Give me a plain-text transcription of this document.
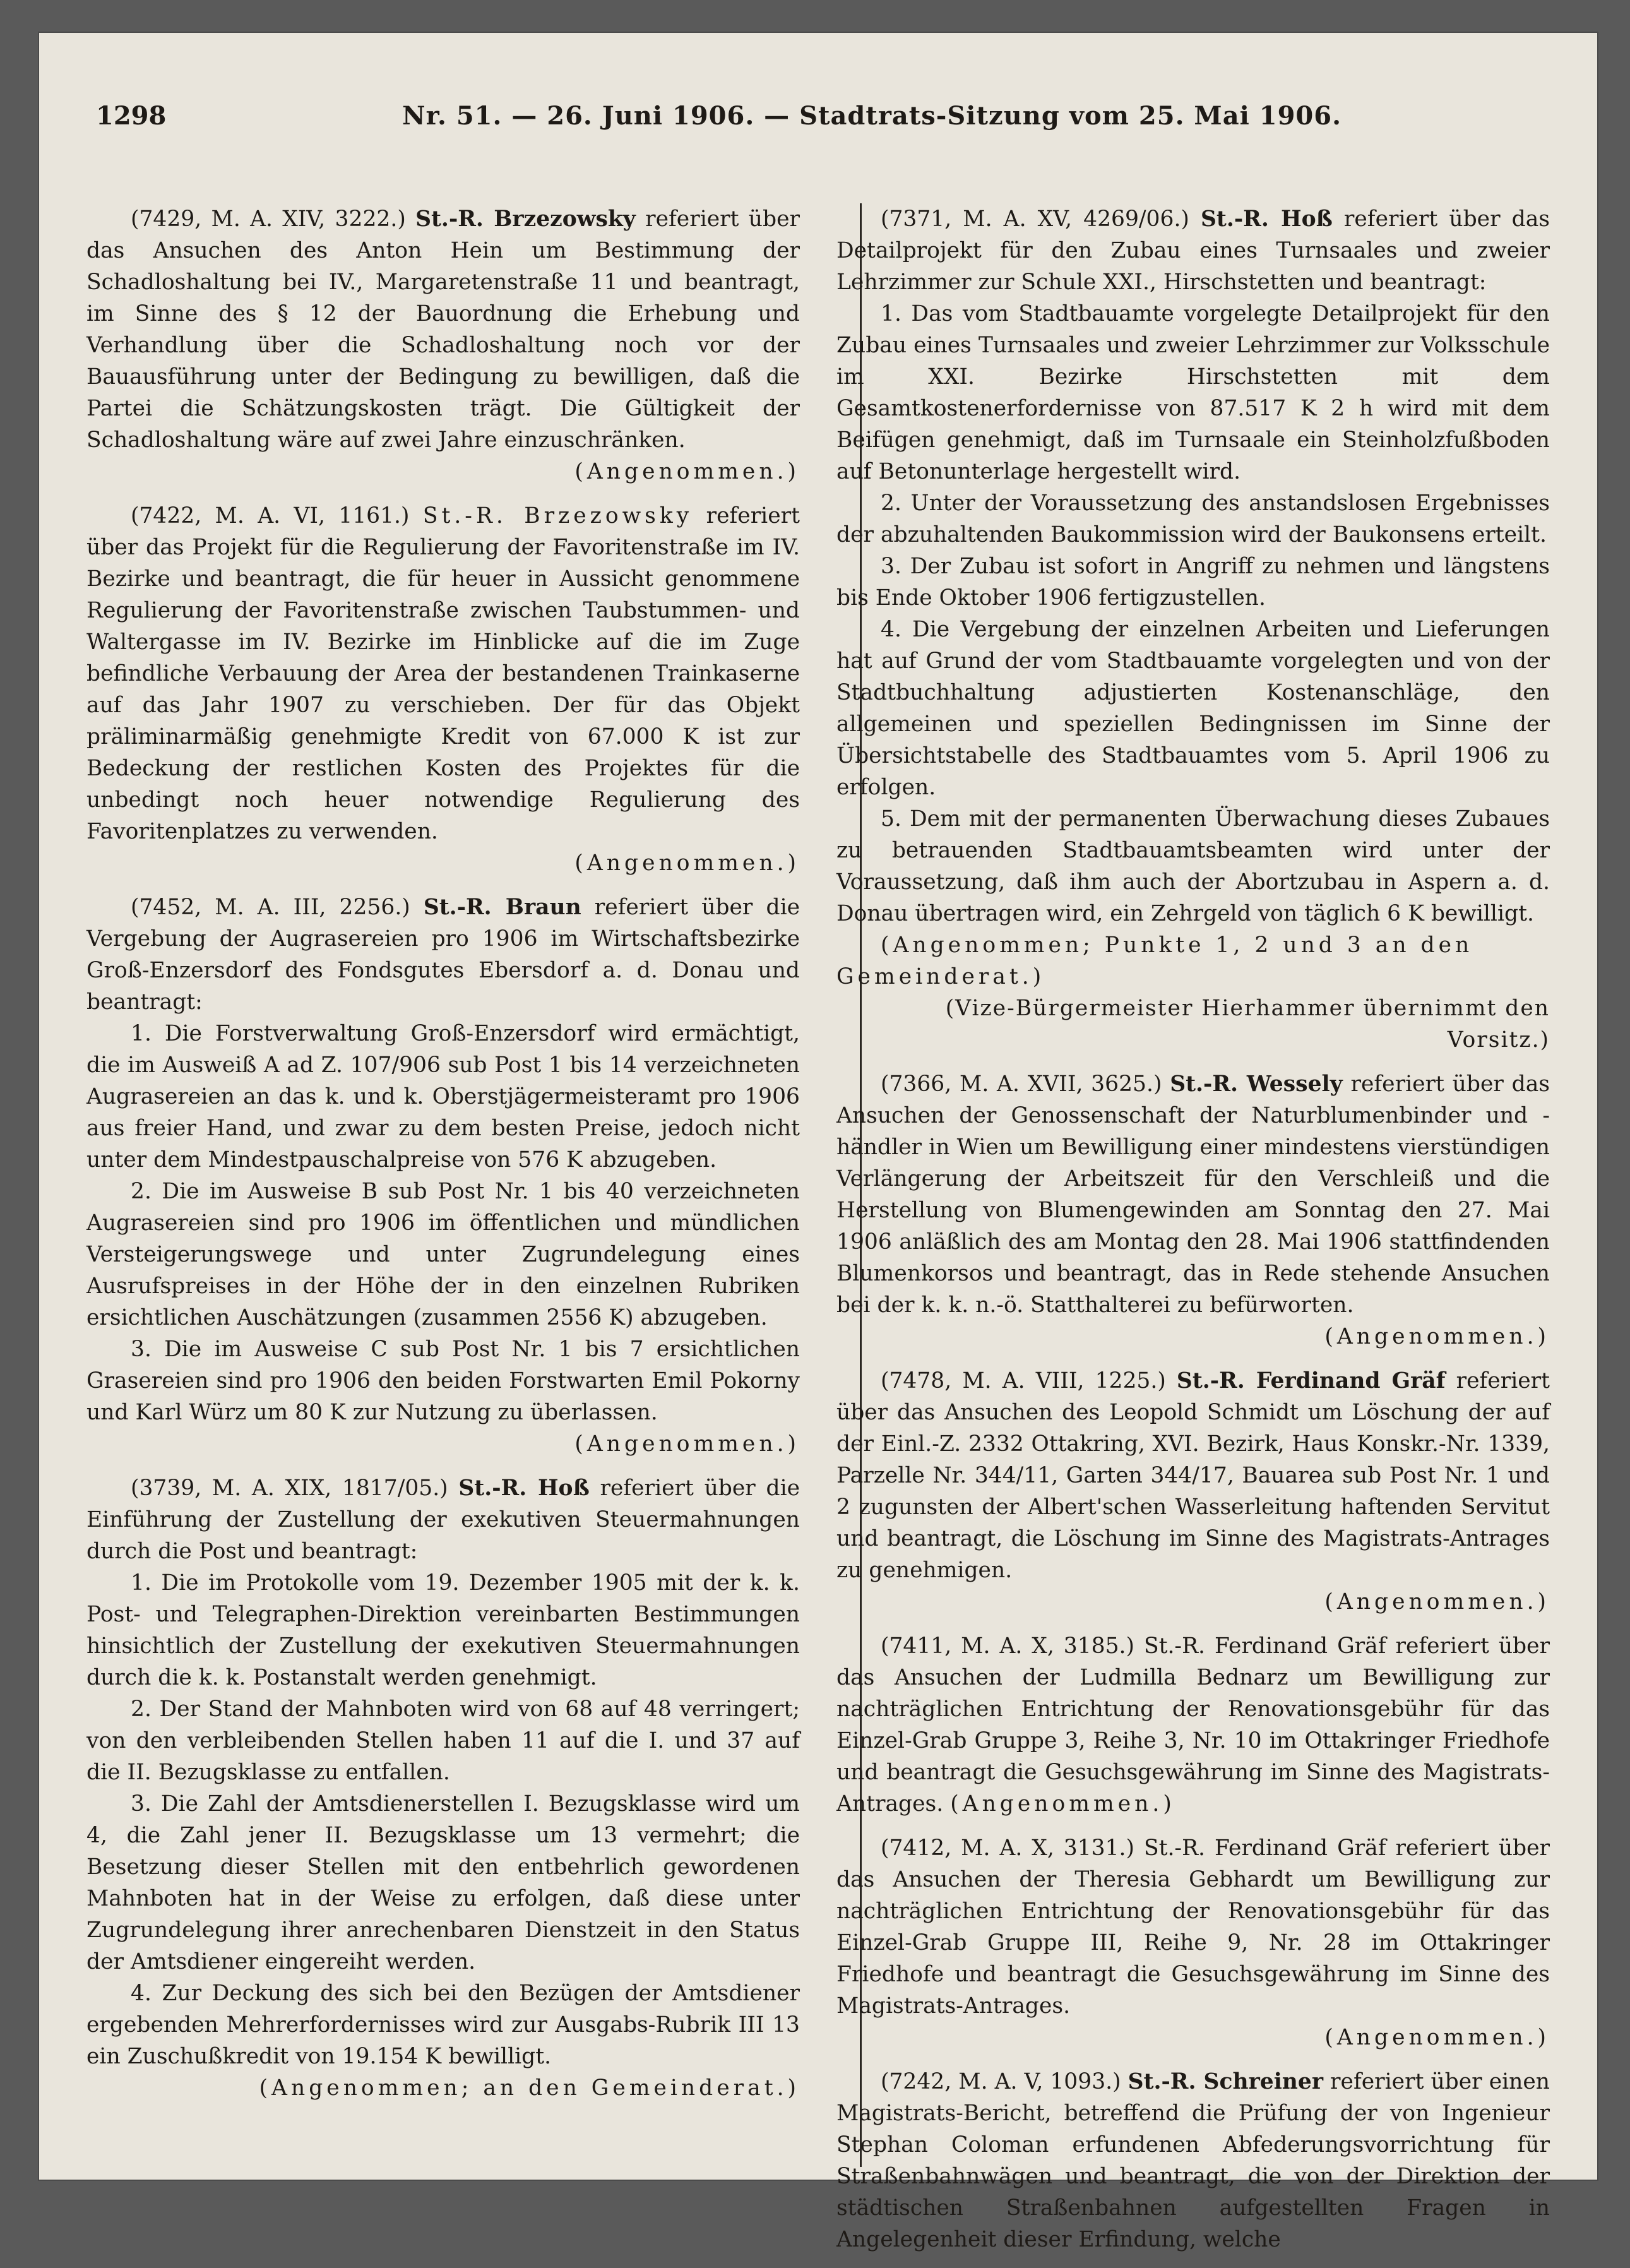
1298	Nr. 51. — 26. Juni 1906. — Stadtrats-Sitzung vom 25. Mai 1906.

(7429, M. A. XIV, 3222.) St.-R. Brzezowsky referiert über das Ansuchen des Anton Hein um Bestimmung der Schadloshaltung bei IV., Margaretenstraße 11 und beantragt, im Sinne des § 12 der Bauordnung die Erhebung und Verhandlung über die Schadloshaltung noch vor der Bauausführung unter der Bedingung zu bewilligen, daß die Partei die Schätzungskosten trägt. Die Gültigkeit der Schadloshaltung wäre auf zwei Jahre einzuschränken.

(Angenommen.)

(7422, M. A. VI, 1161.) St.-R. Brzezowsky referiert über das Projekt für die Regulierung der Favoritenstraße im IV. Bezirke und beantragt, die für heuer in Aussicht genommene Regulierung der Favoritenstraße zwischen Taubstummen- und Waltergasse im IV. Bezirke im Hinblicke auf die im Zuge befindliche Verbauung der Area der bestandenen Trainkaserne auf das Jahr 1907 zu verschieben. Der für das Objekt präliminarmäßig genehmigte Kredit von 67.000 K ist zur Bedeckung der restlichen Kosten des Projektes für die unbedingt noch heuer notwendige Regulierung des Favoritenplatzes zu verwenden.

(Angenommen.)

(7452, M. A. III, 2256.) St.-R. Braun referiert über die Vergebung der Augrasereien pro 1906 im Wirtschaftsbezirke Groß-Enzersdorf des Fondsgutes Ebersdorf a. d. Donau und beantragt:

1. Die Forstverwaltung Groß-Enzersdorf wird ermächtigt, die im Ausweiß A ad Z. 107/906 sub Post 1 bis 14 verzeichneten Augrasereien an das k. und k. Oberstjägermeisteramt pro 1906 aus freier Hand, und zwar zu dem besten Preise, jedoch nicht unter dem Mindestpauschalpreise von 576 K abzugeben.

2. Die im Ausweise B sub Post Nr. 1 bis 40 verzeichneten Augrasereien sind pro 1906 im öffentlichen und mündlichen Versteigerungswege und unter Zugrundelegung eines Ausrufspreises in der Höhe der in den einzelnen Rubriken ersichtlichen Auschätzungen (zusammen 2556 K) abzugeben.

3. Die im Ausweise C sub Post Nr. 1 bis 7 ersichtlichen Grasereien sind pro 1906 den beiden Forstwarten Emil Pokorny und Karl Würz um 80 K zur Nutzung zu überlassen.

(Angenommen.)

(3739, M. A. XIX, 1817/05.) St.-R. Hoß referiert über die Einführung der Zustellung der exekutiven Steuermahnungen durch die Post und beantragt:

1. Die im Protokolle vom 19. Dezember 1905 mit der k. k. Post- und Telegraphen-Direktion vereinbarten Bestimmungen hinsichtlich der Zustellung der exekutiven Steuermahnungen durch die k. k. Postanstalt werden genehmigt.

2. Der Stand der Mahnboten wird von 68 auf 48 verringert; von den verbleibenden Stellen haben 11 auf die I. und 37 auf die II. Bezugsklasse zu entfallen.

3. Die Zahl der Amtsdienerstellen I. Bezugsklasse wird um 4, die Zahl jener II. Bezugsklasse um 13 vermehrt; die Besetzung dieser Stellen mit den entbehrlich gewordenen Mahnboten hat in der Weise zu erfolgen, daß diese unter Zugrundelegung ihrer anrechenbaren Dienstzeit in den Status der Amtsdiener eingereiht werden.

4. Zur Deckung des sich bei den Bezügen der Amtsdiener ergebenden Mehrerfordernisses wird zur Ausgabs-Rubrik III 13 ein Zuschußkredit von 19.154 K bewilligt.

(Angenommen; an den Gemeinderat.)

(7371, M. A. XV, 4269/06.) St.-R. Hoß referiert über das Detailprojekt für den Zubau eines Turnsaales und zweier Lehrzimmer zur Schule XXI., Hirschstetten und beantragt:

1. Das vom Stadtbauamte vorgelegte Detailprojekt für den Zubau eines Turnsaales und zweier Lehrzimmer zur Volksschule im XXI. Bezirke Hirschstetten mit dem Gesamtkostenerfordernisse von 87.517 K 2 h wird mit dem Beifügen genehmigt, daß im Turnsaale ein Steinholzfußboden auf Betonunterlage hergestellt wird.

2. Unter der Voraussetzung des anstandslosen Ergebnisses der abzuhaltenden Baukommission wird der Baukonsens erteilt.

3. Der Zubau ist sofort in Angriff zu nehmen und längstens bis Ende Oktober 1906 fertigzustellen.

4. Die Vergebung der einzelnen Arbeiten und Lieferungen hat auf Grund der vom Stadtbauamte vorgelegten und von der Stadtbuchhaltung adjustierten Kostenanschläge, den allgemeinen und speziellen Bedingnissen im Sinne der Übersichtstabelle des Stadtbauamtes vom 5. April 1906 zu erfolgen.

5. Dem mit der permanenten Überwachung dieses Zubaues zu betrauenden Stadtbauamtsbeamten wird unter der Voraussetzung, daß ihm auch der Abortzubau in Aspern a. d. Donau übertragen wird, ein Zehrgeld von täglich 6 K bewilligt.

(Angenommen; Punkte 1, 2 und 3 an den Gemeinderat.)

(Vize-Bürgermeister Hierhammer übernimmt den Vorsitz.)

(7366, M. A. XVII, 3625.) St.-R. Wessely referiert über das Ansuchen der Genossenschaft der Naturblumenbinder und -händler in Wien um Bewilligung einer mindestens vierstündigen Verlängerung der Arbeitszeit für den Verschleiß und die Herstellung von Blumengewinden am Sonntag den 27. Mai 1906 anläßlich des am Montag den 28. Mai 1906 stattfindenden Blumenkorsos und beantragt, das in Rede stehende Ansuchen bei der k. k. n.-ö. Statthalterei zu befürworten.

(Angenommen.)

(7478, M. A. VIII, 1225.) St.-R. Ferdinand Gräf referiert über das Ansuchen des Leopold Schmidt um Löschung der auf der Einl.-Z. 2332 Ottakring, XVI. Bezirk, Haus Konskr.-Nr. 1339, Parzelle Nr. 344/11, Garten 344/17, Bauarea sub Post Nr. 1 und 2 zugunsten der Albert'schen Wasserleitung haftenden Servitut und beantragt, die Löschung im Sinne des Magistrats-Antrages zu genehmigen.

(Angenommen.)

(7411, M. A. X, 3185.) St.-R. Ferdinand Gräf referiert über das Ansuchen der Ludmilla Bednarz um Bewilligung zur nachträglichen Entrichtung der Renovationsgebühr für das Einzel-Grab Gruppe 3, Reihe 3, Nr. 10 im Ottakringer Friedhofe und beantragt die Gesuchsgewährung im Sinne des Magistrats-Antrages. (Angenommen.)

(7412, M. A. X, 3131.) St.-R. Ferdinand Gräf referiert über das Ansuchen der Theresia Gebhardt um Bewilligung zur nachträglichen Entrichtung der Renovationsgebühr für das Einzel-Grab Gruppe III, Reihe 9, Nr. 28 im Ottakringer Friedhofe und beantragt die Gesuchsgewährung im Sinne des Magistrats-Antrages.

(Angenommen.)

(7242, M. A. V, 1093.) St.-R. Schreiner referiert über einen Magistrats-Bericht, betreffend die Prüfung der von Ingenieur Stephan Coloman erfundenen Abfederungsvorrichtung für Straßenbahnwägen und beantragt, die von der Direktion der städtischen Straßenbahnen aufgestellten Fragen in Angelegenheit dieser Erfindung, welche
